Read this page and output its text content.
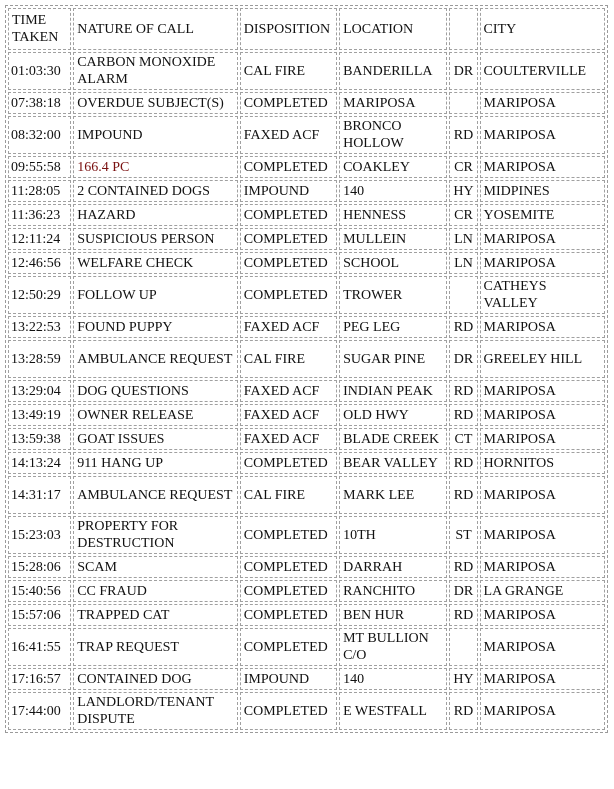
TIME TAKEN	NATURE OF CALL	DISPOSITION	LOCATION		CITY
01:03:30	CARBON MONOXIDE ALARM	CAL FIRE	BANDERILLA	DR	COULTERVILLE
07:38:18	OVERDUE SUBJECT(S)	COMPLETED	MARIPOSA		MARIPOSA
08:32:00	IMPOUND	FAXED ACF	BRONCO HOLLOW	RD	MARIPOSA
09:55:58	166.4 PC	COMPLETED	COAKLEY	CR	MARIPOSA
11:28:05	2 CONTAINED DOGS	IMPOUND	140	HY	MIDPINES
11:36:23	HAZARD	COMPLETED	HENNESS	CR	YOSEMITE
12:11:24	SUSPICIOUS PERSON	COMPLETED	MULLEIN	LN	MARIPOSA
12:46:56	WELFARE CHECK	COMPLETED	SCHOOL	LN	MARIPOSA
12:50:29	FOLLOW UP	COMPLETED	TROWER		CATHEYS VALLEY
13:22:53	FOUND PUPPY	FAXED ACF	PEG LEG	RD	MARIPOSA
13:28:59	AMBULANCE REQUEST	CAL FIRE	SUGAR PINE	DR	GREELEY HILL
13:29:04	DOG QUESTIONS	FAXED ACF	INDIAN PEAK	RD	MARIPOSA
13:49:19	OWNER RELEASE	FAXED ACF	OLD HWY	RD	MARIPOSA
13:59:38	GOAT ISSUES	FAXED ACF	BLADE CREEK	CT	MARIPOSA
14:13:24	911 HANG UP	COMPLETED	BEAR VALLEY	RD	HORNITOS
14:31:17	AMBULANCE REQUEST	CAL FIRE	MARK LEE	RD	MARIPOSA
15:23:03	PROPERTY FOR DESTRUCTION	COMPLETED	10TH	ST	MARIPOSA
15:28:06	SCAM	COMPLETED	DARRAH	RD	MARIPOSA
15:40:56	CC FRAUD	COMPLETED	RANCHITO	DR	LA GRANGE
15:57:06	TRAPPED CAT	COMPLETED	BEN HUR	RD	MARIPOSA
16:41:55	TRAP REQUEST	COMPLETED	MT BULLION C/O		MARIPOSA
17:16:57	CONTAINED DOG	IMPOUND	140	HY	MARIPOSA
17:44:00	LANDLORD/TENANT DISPUTE	COMPLETED	E WESTFALL	RD	MARIPOSA
